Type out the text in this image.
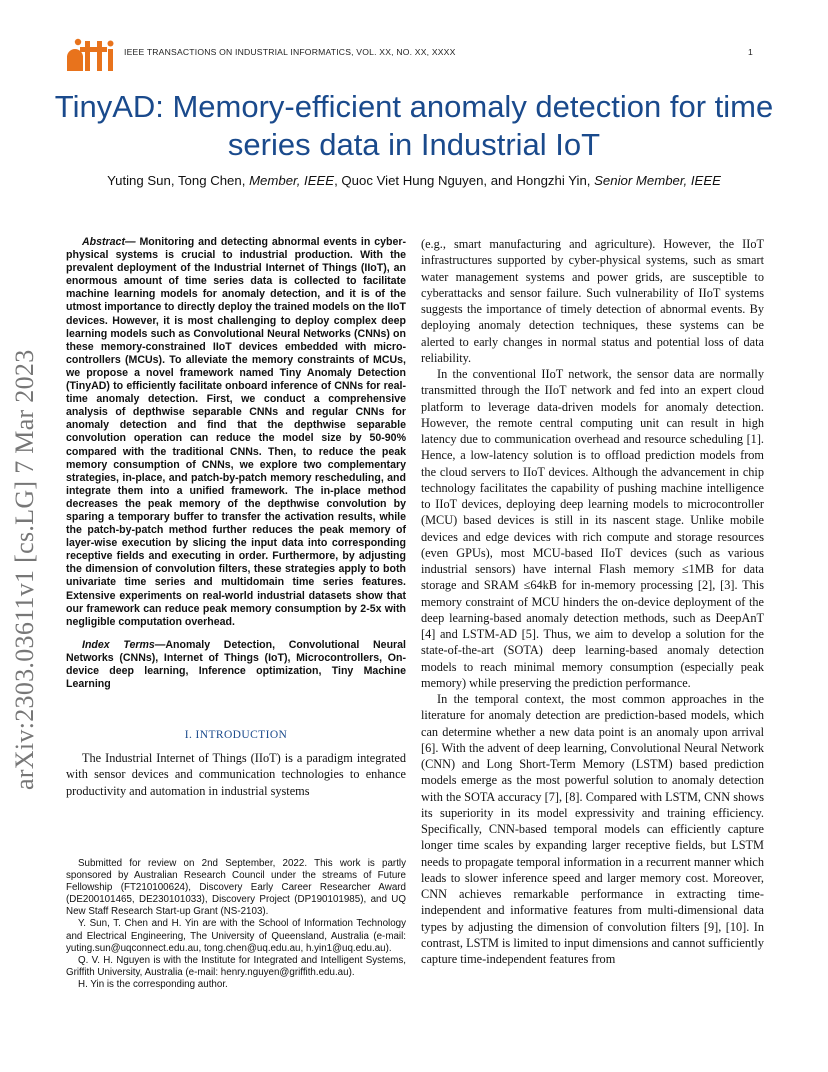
IEEE TRANSACTIONS ON INDUSTRIAL INFORMATICS, VOL. XX, NO. XX, XXXX	1
TinyAD: Memory-efficient anomaly detection for time series data in Industrial IoT

Yuting Sun, Tong Chen, Member, IEEE, Quoc Viet Hung Nguyen, and Hongzhi Yin, Senior Member, IEEE

arXiv:2303.03611v1 [cs.LG] 7 Mar 2023

Abstract— Monitoring and detecting abnormal events in cyber-physical systems is crucial to industrial production. With the prevalent deployment of the Industrial Internet of Things (IIoT), an enormous amount of time series data is collected to facilitate machine learning models for anomaly detection, and it is of the utmost importance to directly deploy the trained models on the IIoT devices. However, it is most challenging to deploy complex deep learning models such as Convolutional Neural Networks (CNNs) on these memory-constrained IIoT devices embedded with micro-controllers (MCUs). To alleviate the memory constraints of MCUs, we propose a novel framework named Tiny Anomaly Detection (TinyAD) to efficiently facilitate onboard inference of CNNs for real-time anomaly detection. First, we conduct a comprehensive analysis of depthwise separable CNNs and regular CNNs for anomaly detection and find that the depthwise separable convolution operation can reduce the model size by 50-90% compared with the traditional CNNs. Then, to reduce the peak memory consumption of CNNs, we explore two complementary strategies, in-place, and patch-by-patch memory rescheduling, and integrate them into a unified framework. The in-place method decreases the peak memory of the depthwise convolution by sparing a temporary buffer to transfer the activation results, while the patch-by-patch method further reduces the peak memory of layer-wise execution by slicing the input data into corresponding receptive fields and executing in order. Furthermore, by adjusting the dimension of convolution filters, these strategies apply to both univariate time series and multidomain time series features. Extensive experiments on real-world industrial datasets show that our framework can reduce peak memory consumption by 2-5x with negligible computation overhead.

Index Terms—Anomaly Detection, Convolutional Neural Networks (CNNs), Internet of Things (IoT), Microcontrollers, On-device deep learning, Inference optimization, Tiny Machine Learning

I. INTRODUCTION

The Industrial Internet of Things (IIoT) is a paradigm integrated with sensor devices and communication technologies to enhance productivity and automation in industrial systems

Submitted for review on 2nd September, 2022. This work is partly sponsored by Australian Research Council under the streams of Future Fellowship (FT210100624), Discovery Early Career Researcher Award (DE200101465, DE230101033), Discovery Project (DP190101985), and UQ New Staff Research Start-up Grant (NS-2103).

Y. Sun, T. Chen and H. Yin are with the School of Information Technology and Electrical Engineering, The University of Queensland, Australia (e-mail: yuting.sun@uqconnect.edu.au, tong.chen@uq.edu.au, h.yin1@uq.edu.au).

Q. V. H. Nguyen is with the Institute for Integrated and Intelligent Systems, Griffith University, Australia (e-mail: henry.nguyen@griffith.edu.au).

H. Yin is the corresponding author.

(e.g., smart manufacturing and agriculture). However, the IIoT infrastructures supported by cyber-physical systems, such as smart water management systems and power grids, are susceptible to cyberattacks and sensor failure. Such vulnerability of IIoT systems suggests the importance of timely detection of abnormal events. By deploying anomaly detection techniques, these systems can be alerted to early changes in normal status and potential loss of data reliability.

In the conventional IIoT network, the sensor data are normally transmitted through the IIoT network and fed into an expert cloud platform to leverage data-driven models for anomaly detection. However, the remote central computing unit can result in high latency due to communication overhead and resource scheduling [1]. Hence, a low-latency solution is to offload prediction models from the cloud servers to IIoT devices. Although the advancement in chip technology facilitates the capability of pushing machine intelligence to IIoT devices, deploying deep learning models to microcontroller (MCU) based devices is still in its nascent stage. Unlike mobile devices and edge devices with rich compute and storage resources (even GPUs), most MCU-based IIoT devices (such as various industrial sensors) have internal Flash memory ≤1MB for data storage and SRAM ≤64kB for in-memory processing [2], [3]. This memory constraint of MCU hinders the on-device deployment of the deep learning-based anomaly detection methods, such as DeepAnT [4] and LSTM-AD [5]. Thus, we aim to develop a solution for the state-of-the-art (SOTA) deep learning-based anomaly detection models to reach minimal memory consumption (especially peak memory) while preserving the prediction performance.

In the temporal context, the most common approaches in the literature for anomaly detection are prediction-based models, which can determine whether a new data point is an anomaly upon arrival [6]. With the advent of deep learning, Convolutional Neural Network (CNN) and Long Short-Term Memory (LSTM) based prediction models emerge as the most powerful solution to anomaly detection with the SOTA accuracy [7], [8]. Compared with LSTM, CNN shows its superiority in its model expressivity and training efficiency. Specifically, CNN-based temporal models can efficiently capture longer time scales by expanding larger receptive fields, but LSTM needs to propagate temporal information in a recurrent manner which leads to slower inference speed and larger memory cost. Moreover, CNN achieves remarkable performance in extracting time-independent and informative features from multi-dimensional data types by adjusting the dimension of convolution filters [9], [10]. In contrast, LSTM is limited to input dimensions and cannot sufficiently capture time-independent features from
